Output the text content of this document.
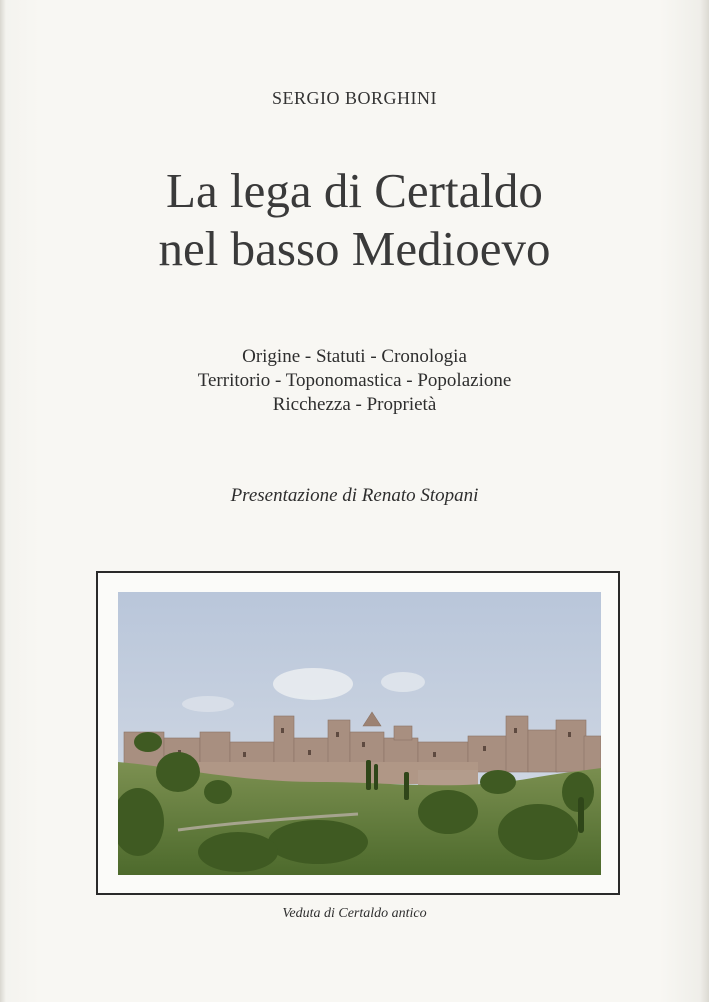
SERGIO BORGHINI
La lega di Certaldo
nel basso Medioevo
Origine - Statuti - Cronologia
Territorio - Toponomastica - Popolazione
Ricchezza - Proprietà
Presentazione di Renato Stopani
Veduta di Certaldo antico
